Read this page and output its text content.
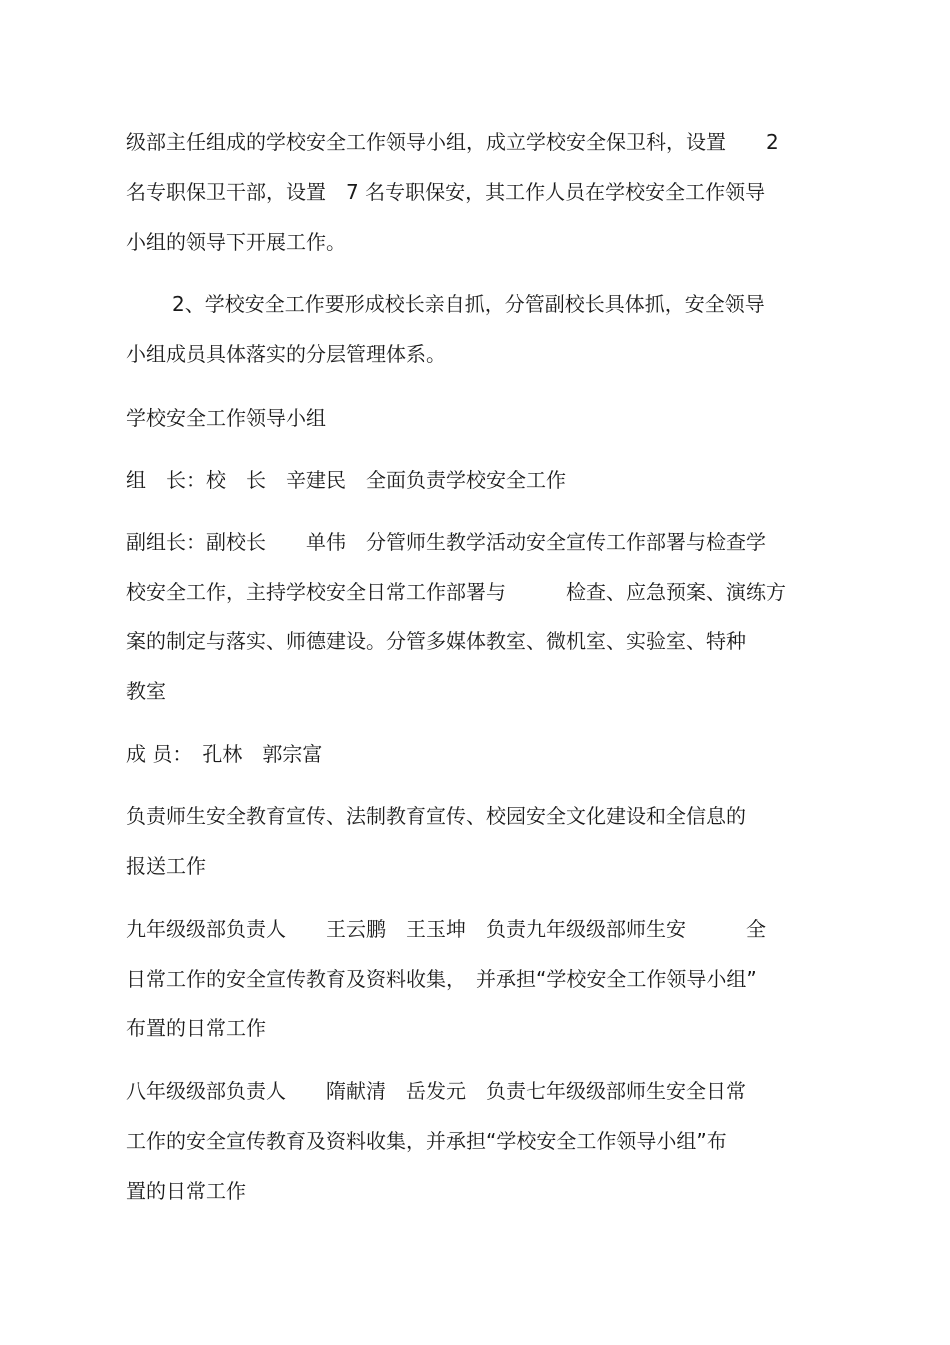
级部主任组成的学校安全工作领导小组，成立学校安全保卫科，设置　　2

名专职保卫干部，设置　7 名专职保安，其工作人员在学校安全工作领导

小组的领导下开展工作。

2、学校安全工作要形成校长亲自抓，分管副校长具体抓，安全领导

小组成员具体落实的分层管理体系。

学校安全工作领导小组

组　长：校　长　辛建民　全面负责学校安全工作

副组长：副校长　　单伟　分管师生教学活动安全宣传工作部署与检查学

校安全工作，主持学校安全日常工作部署与　　　检查、应急预案、演练方

案的制定与落实、师德建设。分管多媒体教室、微机室、实验室、特种

教室

成 员：　孔林　郭宗富

负责师生安全教育宣传、法制教育宣传、校园安全文化建设和全信息的

报送工作

九年级级部负责人　　王云鹏　王玉坤　负责九年级级部师生安　　　全

日常工作的安全宣传教育及资料收集，　并承担“学校安全工作领导小组”

布置的日常工作

八年级级部负责人　　隋献清　岳发元　负责七年级级部师生安全日常

工作的安全宣传教育及资料收集，并承担“学校安全工作领导小组”布

置的日常工作
